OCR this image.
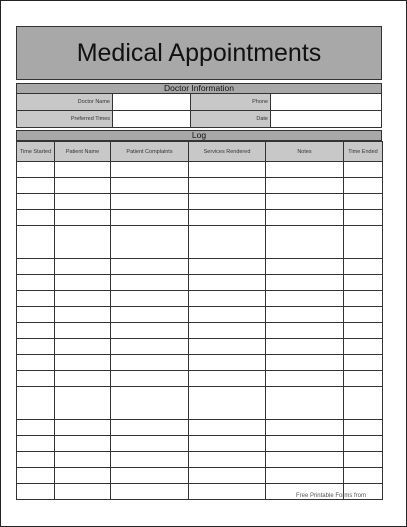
Medical Appointments
Doctor Information
Doctor Name	Phone
Preferred Times	Date
Log
Time Started	Patient Name	Patient Complaints	Services Rendered	Notes	Time Ended

Free Printable Forms from
